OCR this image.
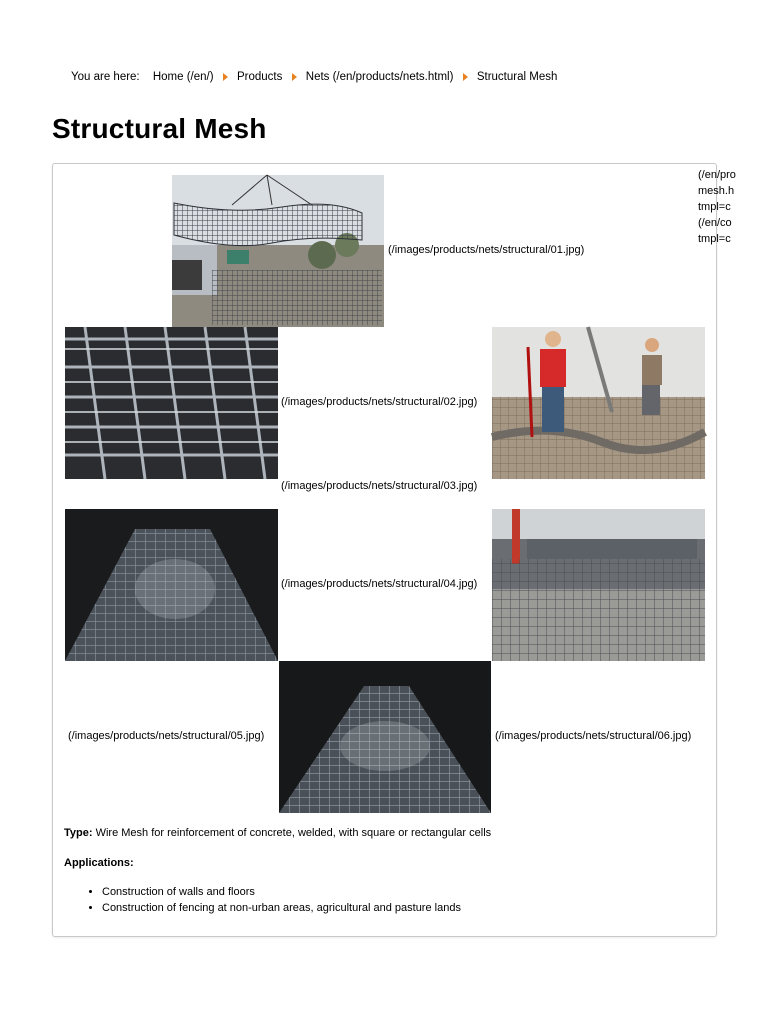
You are here: Home (/en/) Products Nets (/en/products/nets.html) Structural Mesh
Structural Mesh
(/en/pro
mesh.h
tmpl=c
(/en/co
tmpl=c
(/images/products/nets/structural/01.jpg)
(/images/products/nets/structural/02.jpg)
(/images/products/nets/structural/03.jpg)
(/images/products/nets/structural/04.jpg)
(/images/products/nets/structural/05.jpg)	(/images/products/nets/structural/06.jpg)
Type: Wire Mesh for reinforcement of concrete, welded, with square or rectangular cells
Applications:
• Construction of walls and floors
• Construction of fencing at non-urban areas, agricultural and pasture lands
